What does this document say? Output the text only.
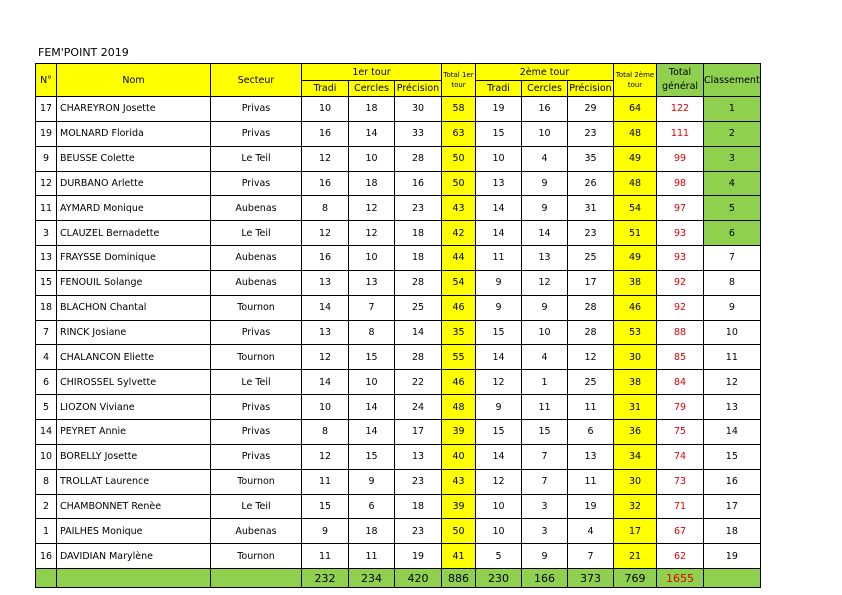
FEM'POINT 2019
N°	Nom	Secteur	1er tour			Total 1er tour	2ème tour			Total 2ème tour	Total général	Classement
			Tradi	Cercles	Précision		Tradi	Cercles	Précision			
17	CHAREYRON Josette	Privas	10	18	30	58	19	16	29	64	122	1
19	MOLNARD Florida	Privas	16	14	33	63	15	10	23	48	111	2
9	BEUSSE Colette	Le Teil	12	10	28	50	10	4	35	49	99	3
12	DURBANO Arlette	Privas	16	18	16	50	13	9	26	48	98	4
11	AYMARD Monique	Aubenas	8	12	23	43	14	9	31	54	97	5
3	CLAUZEL Bernadette	Le Teil	12	12	18	42	14	14	23	51	93	6
13	FRAYSSE Dominique	Aubenas	16	10	18	44	11	13	25	49	93	7
15	FENOUIL Solange	Aubenas	13	13	28	54	9	12	17	38	92	8
18	BLACHON Chantal	Tournon	14	7	25	46	9	9	28	46	92	9
7	RINCK Josiane	Privas	13	8	14	35	15	10	28	53	88	10
4	CHALANCON Eliette	Tournon	12	15	28	55	14	4	12	30	85	11
6	CHIROSSEL Sylvette	Le Teil	14	10	22	46	12	1	25	38	84	12
5	LIOZON Viviane	Privas	10	14	24	48	9	11	11	31	79	13
14	PEYRET Annie	Privas	8	14	17	39	15	15	6	36	75	14
10	BORELLY Josette	Privas	12	15	13	40	14	7	13	34	74	15
8	TROLLAT Laurence	Tournon	11	9	23	43	12	7	11	30	73	16
2	CHAMBONNET Renèe	Le Teil	15	6	18	39	10	3	19	32	71	17
1	PAILHES Monique	Aubenas	9	18	23	50	10	3	4	17	67	18
16	DAVIDIAN Marylène	Tournon	11	11	19	41	5	9	7	21	62	19
			232	234	420	886	230	166	373	769	1655	
